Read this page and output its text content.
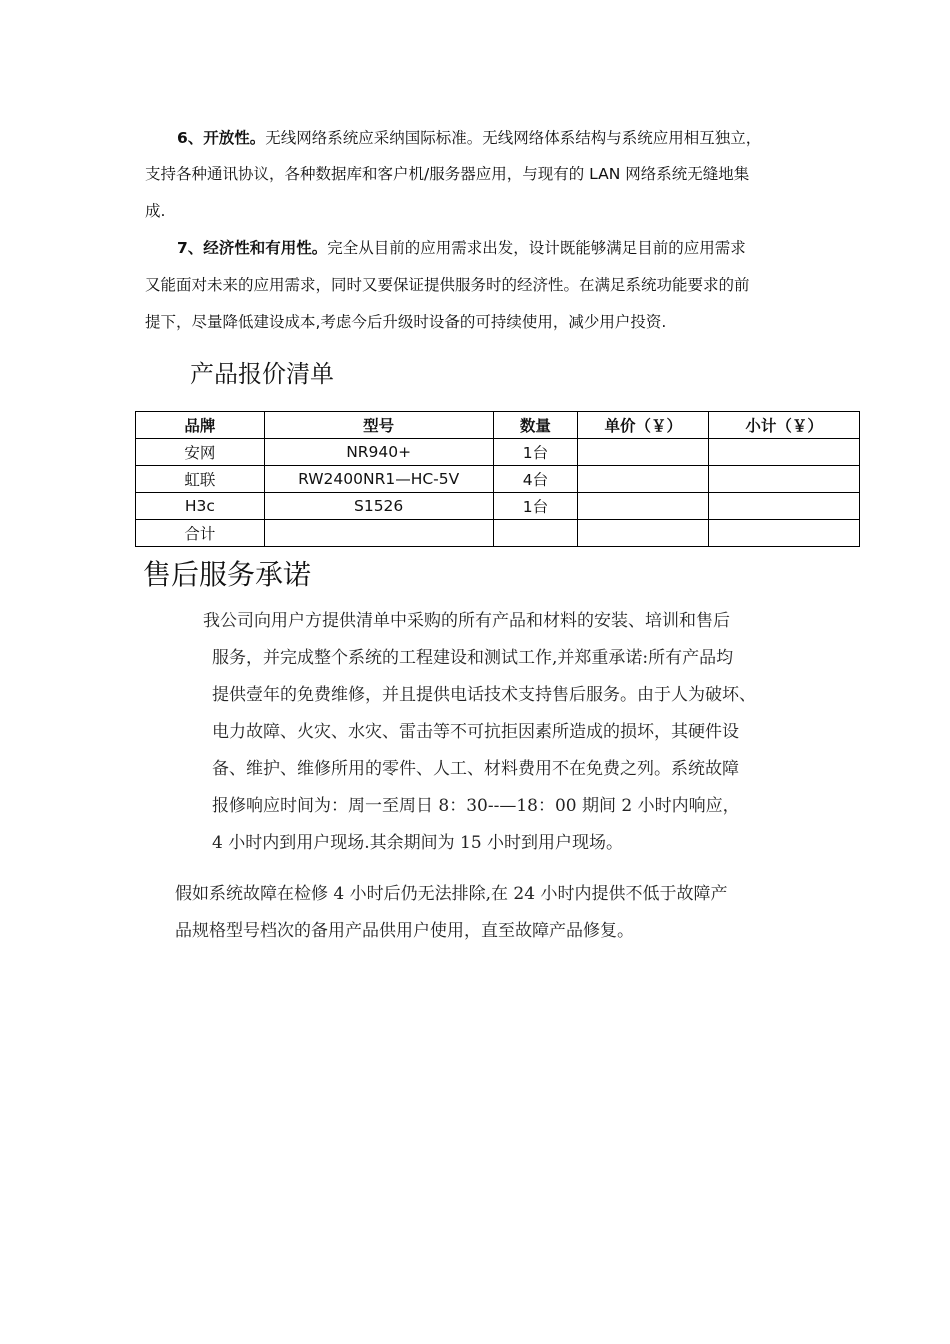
6、开放性。无线网络系统应采纳国际标准。无线网络体系结构与系统应用相互独立，

支持各种通讯协议，各种数据库和客户机/服务器应用，与现有的 LAN 网络系统无缝地集

成.

7、经济性和有用性。完全从目前的应用需求出发，设计既能够满足目前的应用需求

又能面对未来的应用需求，同时又要保证提供服务时的经济性。在满足系统功能要求的前

提下，尽量降低建设成本,考虑今后升级时设备的可持续使用，减少用户投资.

产品报价清单
品牌	型号	数量	单价（￥）	小计（￥）
安网	NR940+	1台		
虹联	RW2400NR1—HC-5V	4台		
H3c	S1526	1台		
合计				
售后服务承诺

我公司向用户方提供清单中采购的所有产品和材料的安装、培训和售后

服务，并完成整个系统的工程建设和测试工作,并郑重承诺:所有产品均

提供壹年的免费维修，并且提供电话技术支持售后服务。由于人为破坏、

电力故障、火灾、水灾、雷击等不可抗拒因素所造成的损坏，其硬件设

备、维护、维修所用的零件、人工、材料费用不在免费之列。系统故障

报修响应时间为：周一至周日 8：30--—18：00 期间 2 小时内响应，

4 小时内到用户现场.其余期间为 15 小时到用户现场。

假如系统故障在检修 4 小时后仍无法排除,在 24 小时内提供不低于故障产

品规格型号档次的备用产品供用户使用，直至故障产品修复。
